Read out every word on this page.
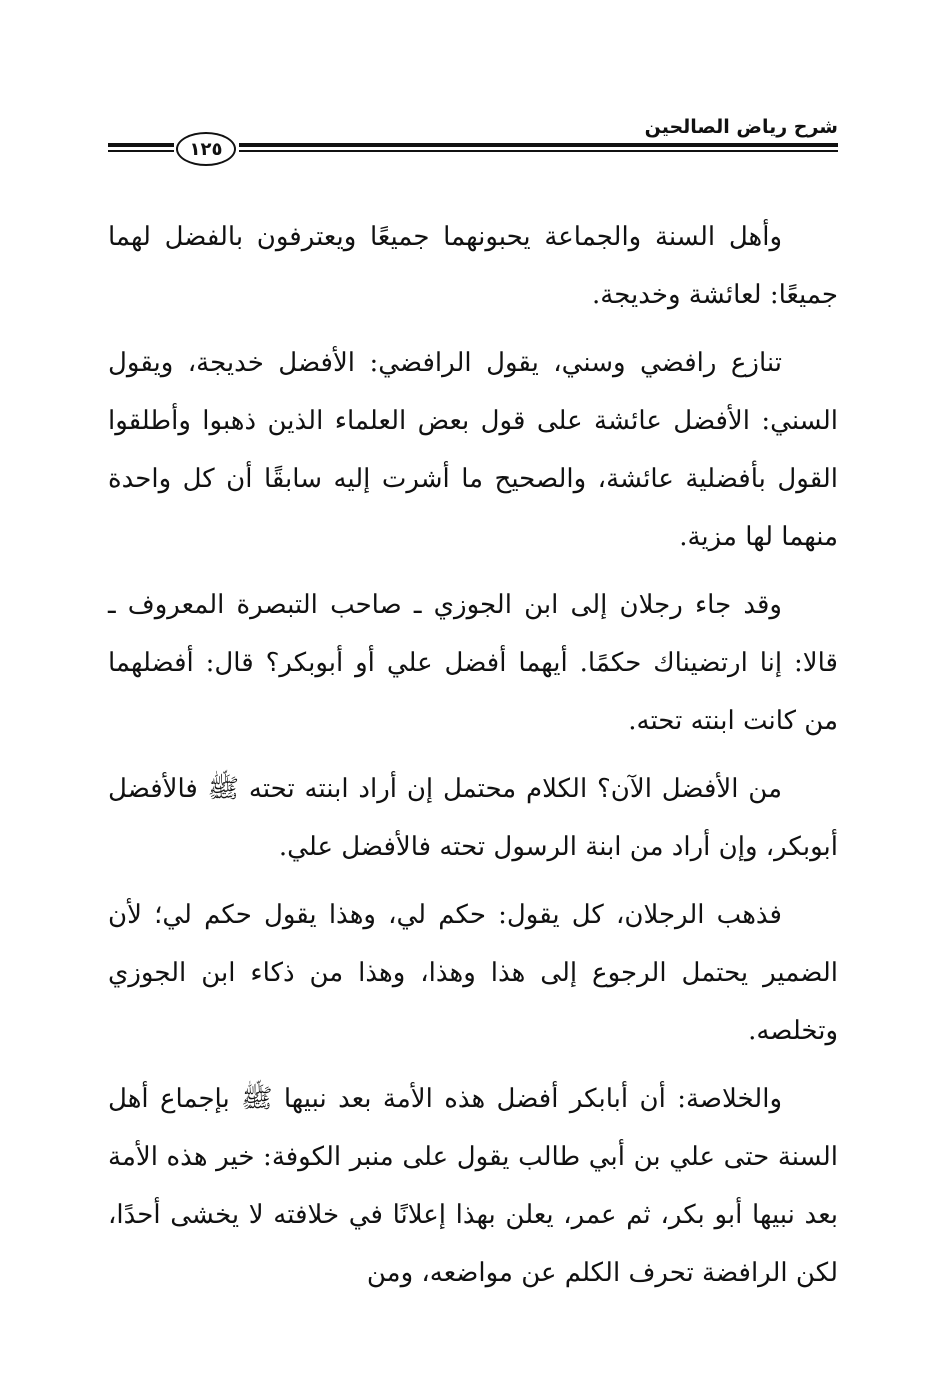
شرح رياض الصالحين
١٢٥

وأهل السنة والجماعة يحبونهما جميعًا ويعترفون بالفضل لهما جميعًا: لعائشة وخديجة.

تنازع رافضي وسني، يقول الرافضي: الأفضل خديجة، ويقول السني: الأفضل عائشة على قول بعض العلماء الذين ذهبوا وأطلقوا القول بأفضلية عائشة، والصحيح ما أشرت إليه سابقًا أن كل واحدة منهما لها مزية.

وقد جاء رجلان إلى ابن الجوزي ـ صاحب التبصرة المعروف ـ قالا: إنا ارتضيناك حكمًا. أيهما أفضل علي أو أبوبكر؟ قال: أفضلهما من كانت ابنته تحته.

من الأفضل الآن؟ الكلام محتمل إن أراد ابنته تحته ﷺ فالأفضل أبوبكر، وإن أراد من ابنة الرسول تحته فالأفضل علي.

فذهب الرجلان، كل يقول: حكم لي، وهذا يقول حكم لي؛ لأن الضمير يحتمل الرجوع إلى هذا وهذا، وهذا من ذكاء ابن الجوزي وتخلصه.

والخلاصة: أن أبابكر أفضل هذه الأمة بعد نبيها ﷺ بإجماع أهل السنة حتى علي بن أبي طالب يقول على منبر الكوفة: خير هذه الأمة بعد نبيها أبو بكر، ثم عمر، يعلن بهذا إعلانًا في خلافته لا يخشى أحدًا، لكن الرافضة تحرف الكلم عن مواضعه، ومن
